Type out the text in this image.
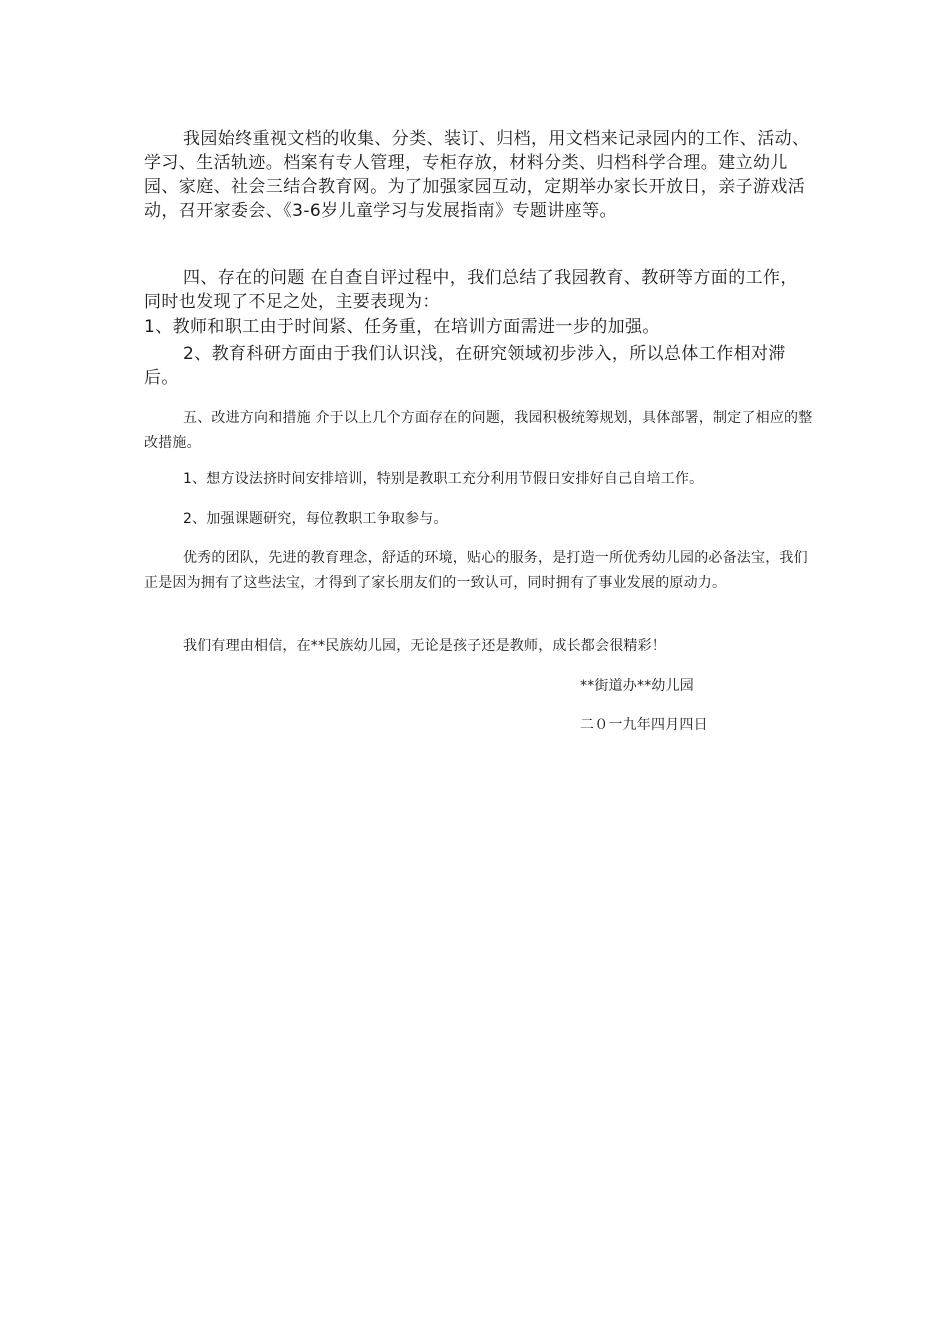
我园始终重视文档的收集、分类、装订、归档，用文档来记录园内的工作、活动、学习、生活轨迹。档案有专人管理，专柜存放，材料分类、归档科学合理。建立幼儿园、家庭、社会三结合教育网。为了加强家园互动，定期举办家长开放日，亲子游戏活动，召开家委会、《3-6岁儿童学习与发展指南》专题讲座等。

四、存在的问题 在自查自评过程中，我们总结了我园教育、教研等方面的工作，同时也发现了不足之处，主要表现为：

1、教师和职工由于时间紧、任务重，在培训方面需进一步的加强。

2、教育科研方面由于我们认识浅，在研究领域初步涉入，所以总体工作相对滞后。

五、改进方向和措施 介于以上几个方面存在的问题，我园积极统筹规划，具体部署，制定了相应的整改措施。

1、想方设法挤时间安排培训，特别是教职工充分利用节假日安排好自己自培工作。

2、加强课题研究，每位教职工争取参与。

优秀的团队，先进的教育理念，舒适的环境，贴心的服务，是打造一所优秀幼儿园的必备法宝，我们正是因为拥有了这些法宝，才得到了家长朋友们的一致认可，同时拥有了事业发展的原动力。

我们有理由相信，在**民族幼儿园，无论是孩子还是教师，成长都会很精彩！

**街道办**幼儿园
二０一九年四月四日
